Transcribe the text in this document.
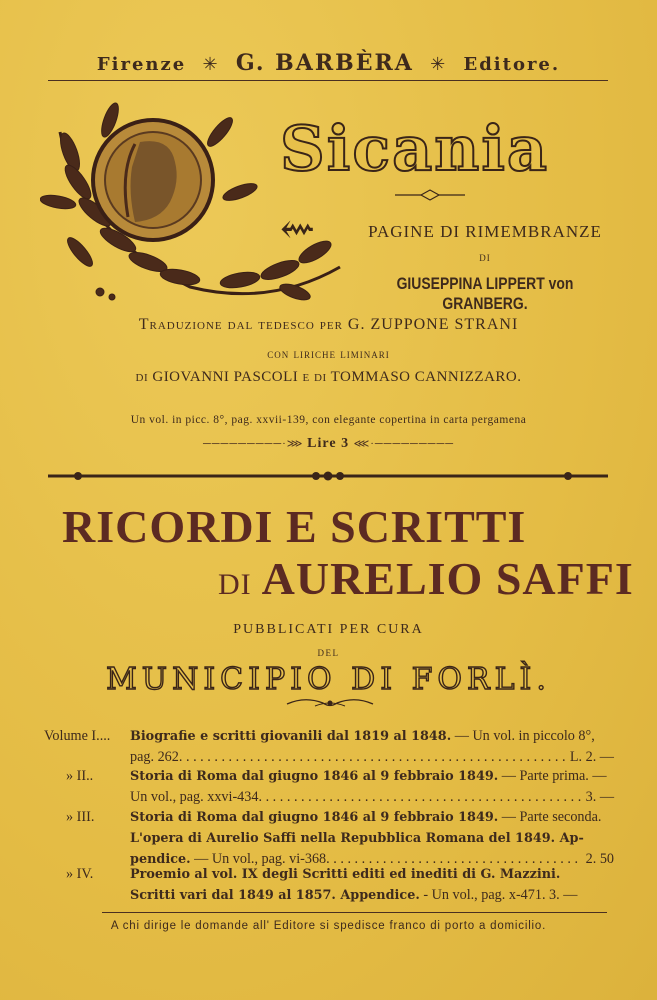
Firenze ✳ G. BARBÈRA ✳ Editore.
Sicania ⇜	PAGINE DI RIMEMBRANZE
DI
GIUSEPPINA LIPPERT von GRANBERG.
Traduzione dal tedesco per G. ZUPPONE STRANI
con liriche liminari
di GIOVANNI PASCOLI e di TOMMASO CANNIZZARO.
Un vol. in picc. 8°, pag. xxvii-139, con elegante copertina in carta pergamena
─────────·⋙ Lire 3 ⋘·─────────
RICORDI E SCRITTI
DI AURELIO SAFFI
PUBBLICATI PER CURA
DEL
MUNICIPIO DI FORLÌ.
Volume I.... Biografie e scritti giovanili dal 1819 al 1848. — Un vol. in piccolo 8°,
pag. 262 . . .	L. 2. —
» II..	Storia di Roma dal giugno 1846 al 9 febbraio 1849. — Parte prima. —
Un vol., pag. xxvi-434 . . .	3. —
» III.	Storia di Roma dal giugno 1846 al 9 febbraio 1849. — Parte seconda.
L'opera di Aurelio Saffi nella Repubblica Romana del 1849. Ap-
pendice. — Un vol., pag. vi-368 . . .	2. 50
» IV.	Proemio al vol. IX degli Scritti editi ed inediti di G. Mazzini.
Scritti vari dal 1849 al 1857. Appendice. - Un vol., pag. x-471. 3. —
A chi dirige le domande all' Editore si spedisce franco di porto a domicilio.
